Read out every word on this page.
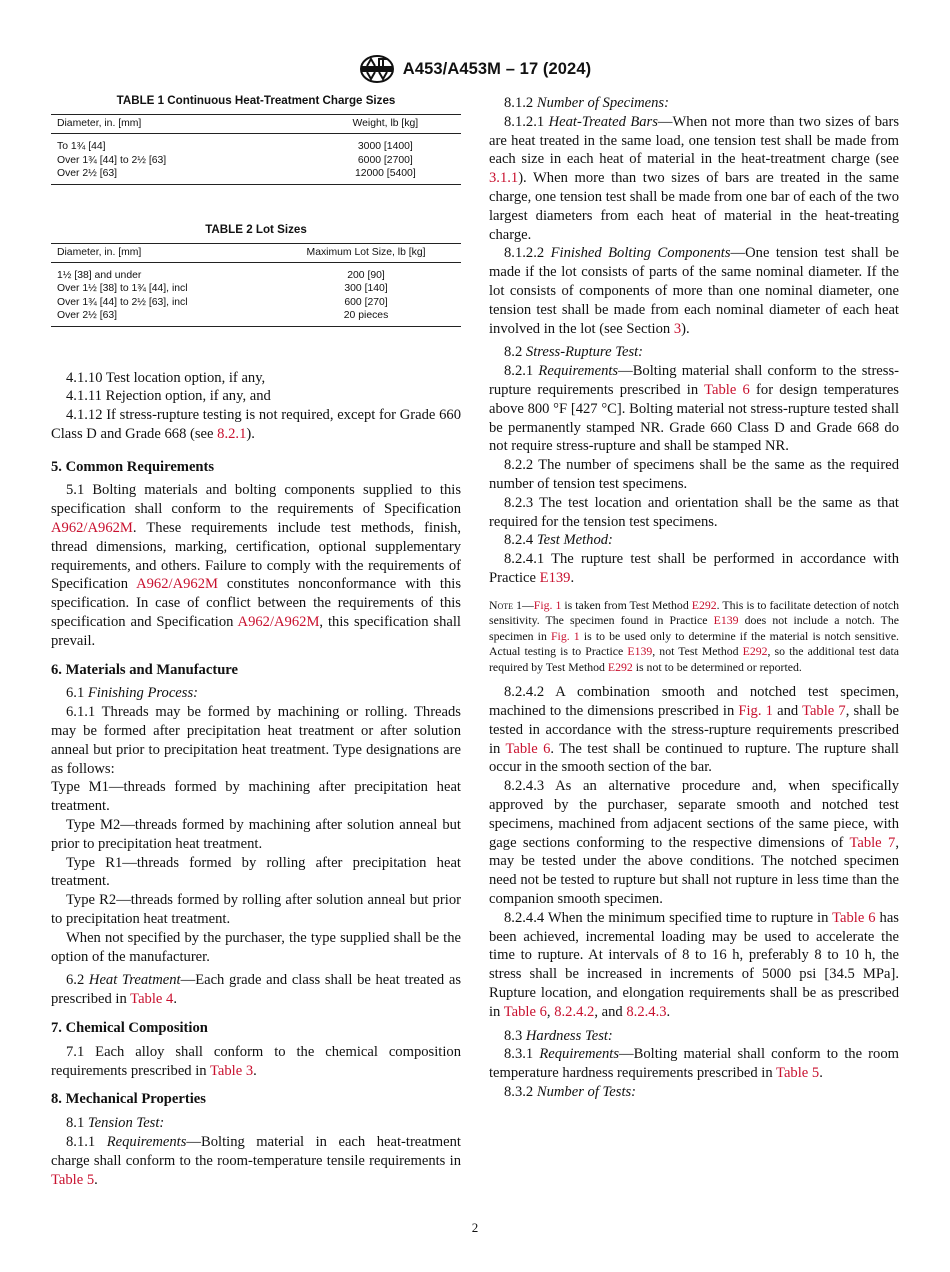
A453/A453M – 17 (2024)
TABLE 1 Continuous Heat-Treatment Charge Sizes
Diameter, in. [mm]	Weight, lb [kg]
To 1¾ [44]	3000 [1400]
Over 1¾ [44] to 2½ [63]	6000 [2700]
Over 2½ [63]	12000 [5400]
TABLE 2 Lot Sizes
Diameter, in. [mm]	Maximum Lot Size, lb [kg]
1½ [38] and under	200 [90]
Over 1½ [38] to 1¾ [44], incl	300 [140]
Over 1¾ [44] to 2½ [63], incl	600 [270]
Over 2½ [63]	20 pieces

4.1.10 Test location option, if any,

4.1.11 Rejection option, if any, and

4.1.12 If stress-rupture testing is not required, except for Grade 660 Class D and Grade 668 (see 8.2.1).

5. Common Requirements

5.1 Bolting materials and bolting components supplied to this specification shall conform to the requirements of Specification A962/A962M. These requirements include test methods, finish, thread dimensions, marking, certification, optional supplementary requirements, and others. Failure to comply with the requirements of Specification A962/A962M constitutes nonconformance with this specification. In case of conflict between the requirements of this specification and Specification A962/A962M, this specification shall prevail.

6. Materials and Manufacture

6.1 Finishing Process:

6.1.1 Threads may be formed by machining or rolling. Threads may be formed after precipitation heat treatment or after solution anneal but prior to precipitation heat treatment. Type designations are as follows:

Type M1—threads formed by machining after precipitation heat treatment.

Type M2—threads formed by machining after solution anneal but prior to precipitation heat treatment.

Type R1—threads formed by rolling after precipitation heat treatment.

Type R2—threads formed by rolling after solution anneal but prior to precipitation heat treatment.

When not specified by the purchaser, the type supplied shall be the option of the manufacturer.

6.2 Heat Treatment—Each grade and class shall be heat treated as prescribed in Table 4.

7. Chemical Composition

7.1 Each alloy shall conform to the chemical composition requirements prescribed in Table 3.

8. Mechanical Properties

8.1 Tension Test:

8.1.1 Requirements—Bolting material in each heat-treatment charge shall conform to the room-temperature tensile requirements in Table 5.

8.1.2 Number of Specimens:

8.1.2.1 Heat-Treated Bars—When not more than two sizes of bars are heat treated in the same load, one tension test shall be made from each size in each heat of material in the heat-treatment charge (see 3.1.1). When more than two sizes of bars are treated in the same charge, one tension test shall be made from one bar of each of the two largest diameters from each heat of material in the heat-treating charge.

8.1.2.2 Finished Bolting Components—One tension test shall be made if the lot consists of parts of the same nominal diameter. If the lot consists of components of more than one nominal diameter, one tension test shall be made from each nominal diameter of each heat involved in the lot (see Section 3).

8.2 Stress-Rupture Test:

8.2.1 Requirements—Bolting material shall conform to the stress-rupture requirements prescribed in Table 6 for design temperatures above 800 °F [427 °C]. Bolting material not stress-rupture tested shall be permanently stamped NR. Grade 660 Class D and Grade 668 do not require stress-rupture and shall be stamped NR.

8.2.2 The number of specimens shall be the same as the required number of tension test specimens.

8.2.3 The test location and orientation shall be the same as that required for the tension test specimens.

8.2.4 Test Method:

8.2.4.1 The rupture test shall be performed in accordance with Practice E139.

Note 1—Fig. 1 is taken from Test Method E292. This is to facilitate detection of notch sensitivity. The specimen found in Practice E139 does not include a notch. The specimen in Fig. 1 is to be used only to determine if the material is notch sensitive. Actual testing is to Practice E139, not Test Method E292, so the additional test data required by Test Method E292 is not to be determined or reported.

8.2.4.2 A combination smooth and notched test specimen, machined to the dimensions prescribed in Fig. 1 and Table 7, shall be tested in accordance with the stress-rupture requirements prescribed in Table 6. The test shall be continued to rupture. The rupture shall occur in the smooth section of the bar.

8.2.4.3 As an alternative procedure and, when specifically approved by the purchaser, separate smooth and notched test specimens, machined from adjacent sections of the same piece, with gage sections conforming to the respective dimensions of Table 7, may be tested under the above conditions. The notched specimen need not be tested to rupture but shall not rupture in less time than the companion smooth specimen.

8.2.4.4 When the minimum specified time to rupture in Table 6 has been achieved, incremental loading may be used to accelerate the time to rupture. At intervals of 8 to 16 h, preferably 8 to 10 h, the stress shall be increased in increments of 5000 psi [34.5 MPa]. Rupture location, and elongation requirements shall be as prescribed in Table 6, 8.2.4.2, and 8.2.4.3.

8.3 Hardness Test:

8.3.1 Requirements—Bolting material shall conform to the room temperature hardness requirements prescribed in Table 5.

8.3.2 Number of Tests:

2
